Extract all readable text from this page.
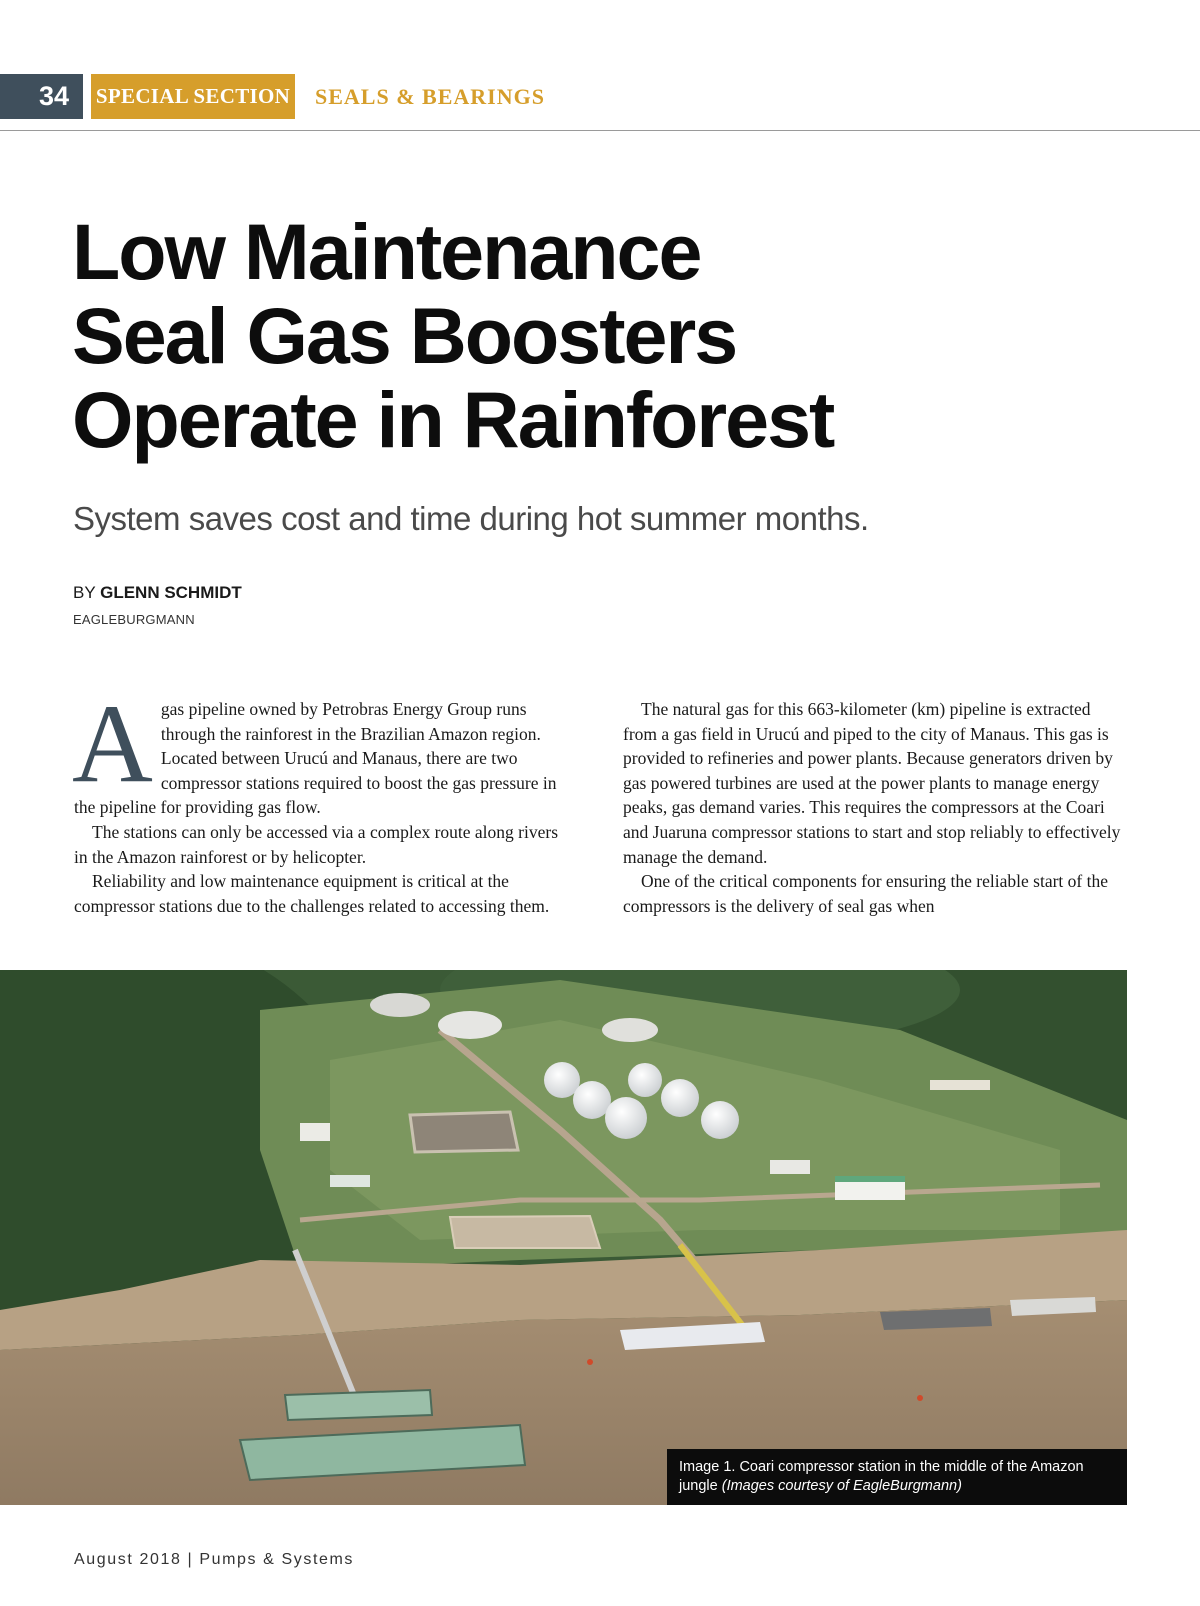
34	SPECIAL SECTION SEALS & BEARINGS
Low Maintenance
Seal Gas Boosters
Operate in Rainforest
System saves cost and time during hot summer months.
BY GLENN SCHMIDT
EAGLEBURGMANN

Agas pipeline owned by Petrobras Energy Group runs through the rainforest in the Brazilian Amazon region. Located between Urucú and Manaus, there are two compressor stations required to boost the gas pressure in the pipeline for providing gas flow.

The stations can only be accessed via a complex route along rivers in the Amazon rainforest or by helicopter.

Reliability and low maintenance equipment is critical at the compressor stations due to the challenges related to accessing them.

The natural gas for this 663-kilometer (km) pipeline is extracted from a gas field in Urucú and piped to the city of Manaus. This gas is provided to refineries and power plants. Because generators driven by gas powered turbines are used at the power plants to manage energy peaks, gas demand varies. This requires the compressors at the Coari and Juaruna compressor stations to start and stop reliably to effectively manage the demand.

One of the critical components for ensuring the reliable start of the compressors is the delivery of seal gas when

Image 1. Coari compressor station in the middle of the Amazon jungle (Images courtesy of EagleBurgmann)
August 2018 | Pumps & Systems
